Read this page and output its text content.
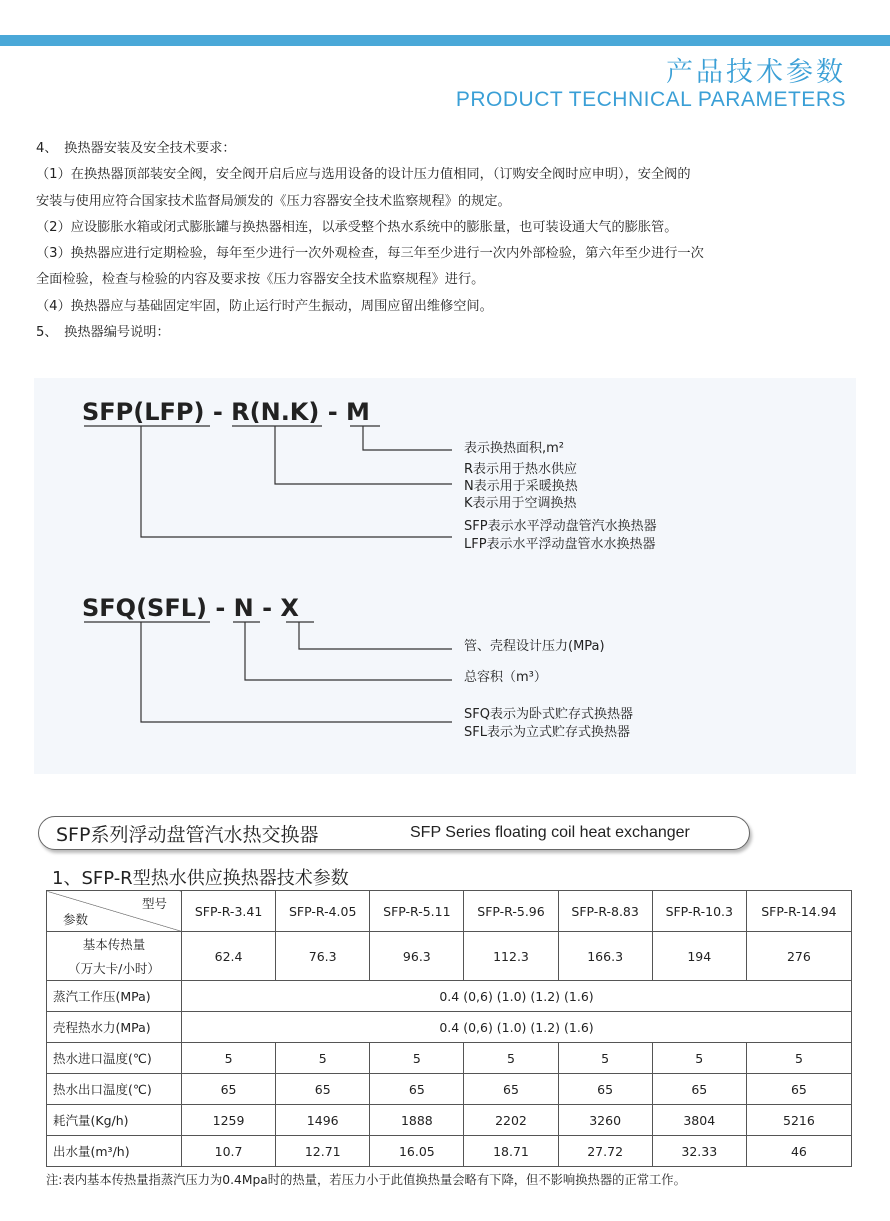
产品技术参数
PRODUCT TECHNICAL PARAMETERS

4、　换热器安装及安全技术要求：

（1）在换热器顶部装安全阀，安全阀开启后应与选用设备的设计压力值相同，（订购安全阀时应申明），安全阀的

安装与使用应符合国家技术监督局颁发的《压力容器安全技术监察规程》的规定。

（2）应设膨胀水箱或闭式膨胀罐与换热器相连，以承受整个热水系统中的膨胀量，也可装设通大气的膨胀管。

（3）换热器应进行定期检验，每年至少进行一次外观检查，每三年至少进行一次内外部检验，第六年至少进行一次

全面检验，检查与检验的内容及要求按《压力容器安全技术监察规程》进行。

（4）换热器应与基础固定牢固，防止运行时产生振动，周围应留出维修空间。

5、　换热器编号说明：

SFP(LFP) - R(N.K) - M
表示换热面积,m²
R表示用于热水供应
N表示用于采暖换热
K表示用于空调换热
SFP表示水平浮动盘管汽水换热器
LFP表示水平浮动盘管水水换热器
SFQ(SFL) - N - X
管、壳程设计压力(MPa)
总容积（m³）
SFQ表示为卧式贮存式换热器
SFL表示为立式贮存式换热器
SFP系列浮动盘管汽水热交换器	SFP Series floating coil heat exchanger
1、SFP-R型热水供应换热器技术参数
型号
参数	SFP-R-3.41	SFP-R-4.05	SFP-R-5.11	SFP-R-5.96	SFP-R-8.83	SFP-R-10.3	SFP-R-14.94

基本传热量
（万大卡/小时）	62.4	76.3	96.3	112.3	166.3	194	276
蒸汽工作压(MPa)	0.4 (0,6) (1.0) (1.2) (1.6)						
壳程热水力(MPa)	0.4 (0,6) (1.0) (1.2) (1.6)						
热水进口温度(℃)	5	5	5	5	5	5	5
热水出口温度(℃)	65	65	65	65	65	65	65
耗汽量(Kg/h)	1259	1496	1888	2202	3260	3804	5216
出水量(m³/h)	10.7	12.71	16.05	18.71	27.72	32.33	46
注:表内基本传热量指蒸汽压力为0.4Mpa时的热量，若压力小于此值换热量会略有下降，但不影响换热器的正常工作。
